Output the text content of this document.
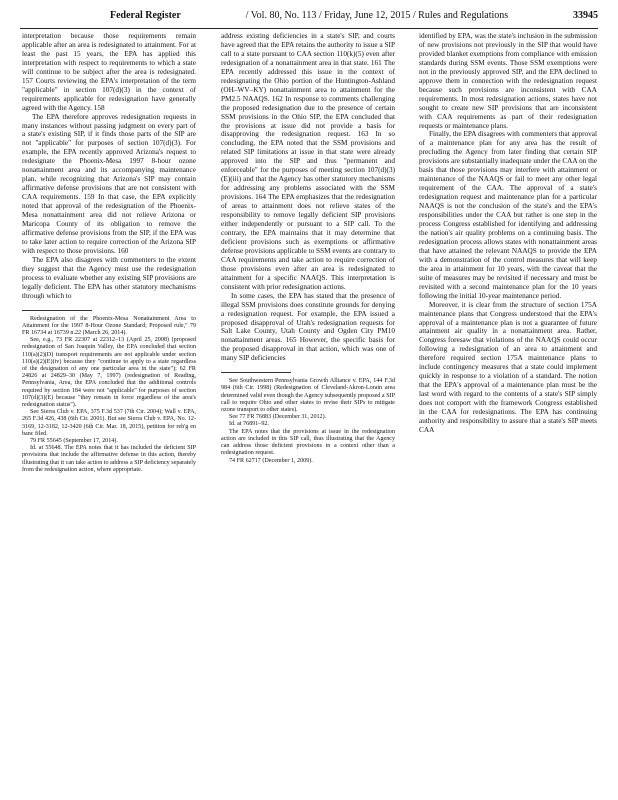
Federal Register	/ Vol. 80, No. 113 / Friday, June 12, 2015 / Rules and Regulations	33945

interpretation because those requirements remain applicable after an area is redesignated to attainment. For at least the past 15 years, the EPA has applied this interpretation with respect to requirements to which a state will continue to be subject after the area is redesignated. 157 Courts reviewing the EPA's interpretation of the term "applicable" in section 107(d)(3) in the context of requirements applicable for redesignation have generally agreed with the Agency. 158

The EPA therefore approves redesignation requests in many instances without passing judgment on every part of a state's existing SIP, if it finds those parts of the SIP are not "applicable" for purposes of section 107(d)(3). For example, the EPA recently approved Arizona's request to redesignate the Phoenix-Mesa 1997 8-hour ozone nonattainment area and its accompanying maintenance plan, while recognizing that Arizona's SIP may contain affirmative defense provisions that are not consistent with CAA requirements. 159 In that case, the EPA explicitly noted that approval of the redesignation of the Phoenix-Mesa nonattainment area did not relieve Arizona or Maricopa County of its obligation to remove the affirmative defense provisions from the SIP, if the EPA was to take later action to require correction of the Arizona SIP with respect to those provisions. 160

The EPA also disagrees with commenters to the extent they suggest that the Agency must use the redesignation process to evaluate whether any existing SIP provisions are legally deficient. The EPA has other statutory mechanisms through which to

Redesignation of the Phoenix-Mesa Nonattainment Area to Attainment for the 1997 8-Hour Ozone Standard; Proposed rule," 79 FR 16734 at 16739 n.22 (March 26, 2014).

See, e.g., 73 FR 22307 at 22312–13 (April 25, 2008) (proposed redesignation of San Joaquin Valley, the EPA concluded that section 110(a)(2)(D) transport requirements are not applicable under section 110(a)(2)(E)(iv) because they "continue to apply to a state regardless of the designation of any one particular area in the state"); 62 FR 24826 at 24829–30 (May 7, 1997) (redesignation of Reading, Pennsylvania, Area, the EPA concluded that the additional controls required by section 184 were not "applicable" for purposes of section 107(d)(3)(E) because "they remain in force regardless of the area's redesignation status").

See Sierra Club v. EPA, 375 F.3d 537 (7th Cir. 2004); Wall v. EPA, 265 F.3d 426, 438 (6th Cir. 2001). But see Sierra Club v. EPA, No. 12-3169, 12-3182, 12-3420 (6th Cir. Mar. 18, 2015), petition for reh'g en banc filed.

79 FR 55645 (September 17, 2014).

Id. at 55648. The EPA notes that it has included the deficient SIP provisions that include the affirmative defense in this action, thereby illustrating that it can take action to address a SIP deficiency separately from the redesignation action, where appropriate.

address existing deficiencies in a state's SIP, and courts have agreed that the EPA retains the authority to issue a SIP call to a state pursuant to CAA section 110(k)(5) even after redesignation of a nonattainment area in that state. 161 The EPA recently addressed this issue in the context of redesignating the Ohio portion of the Huntington-Ashland (OH–WV–KY) nonattainment area to attainment for the PM2.5 NAAQS. 162 In response to comments challenging the proposed redesignation due to the presence of certain SSM provisions in the Ohio SIP, the EPA concluded that the provisions at issue did not provide a basis for disapproving the redesignation request. 163 In so concluding, the EPA noted that the SSM provisions and related SIP limitations at issue in that state were already approved into the SIP and thus "permanent and enforceable" for the purposes of meeting section 107(d)(3)(E)(iii) and that the Agency has other statutory mechanisms for addressing any problems associated with the SSM provisions. 164 The EPA emphasizes that the redesignation of areas to attainment does not relieve states of the responsibility to remove legally deficient SIP provisions either independently or pursuant to a SIP call. To the contrary, the EPA maintains that it may determine that deficient provisions such as exemptions or affirmative defense provisions applicable to SSM events are contrary to CAA requirements and take action to require correction of those provisions even after an area is redesignated to attainment for a specific NAAQS. This interpretation is consistent with prior redesignation actions.

In some cases, the EPA has stated that the presence of illegal SSM provisions does constitute grounds for denying a redesignation request. For example, the EPA issued a proposed disapproval of Utah's redesignation requests for Salt Lake County, Utah County and Ogden City PM10 nonattainment areas. 165 However, the specific basis for the proposed disapproval in that action, which was one of many SIP deficiencies

See Southwestern Pennsylvania Growth Alliance v. EPA, 144 F.3d 984 (6th Cir. 1998) (Redesignation of Cleveland-Akron-Lorain area determined valid even though the Agency subsequently proposed a SIP call to require Ohio and other states to revise their SIPs to mitigate ozone transport to other states).

See 77 FR 76883 (December 31, 2012).

Id. at 76891–92.

The EPA notes that the provisions at issue in the redesignation action are included in this SIP call, thus illustrating that the Agency can address those deficient provisions in a context other than a redesignation request.

74 FR 62717 (December 1, 2009).

identified by EPA, was the state's inclusion in the submission of new provisions not previously in the SIP that would have provided blanket exemptions from compliance with emission standards during SSM events. Those SSM exemptions were not in the previously approved SIP, and the EPA declined to approve them in connection with the redesignation request because such provisions are inconsistent with CAA requirements. In most redesignation actions, states have not sought to create new SIP provisions that are inconsistent with CAA requirements as part of their redesignation requests or maintenance plans.

Finally, the EPA disagrees with commenters that approval of a maintenance plan for any area has the result of precluding the Agency from later finding that certain SIP provisions are substantially inadequate under the CAA on the basis that those provisions may interfere with attainment or maintenance of the NAAQS or fail to meet any other legal requirement of the CAA. The approval of a state's redesignation request and maintenance plan for a particular NAAQS is not the conclusion of the state's and the EPA's responsibilities under the CAA but rather is one step in the process Congress established for identifying and addressing the nation's air quality problems on a continuing basis. The redesignation process allows states with nonattainment areas that have attained the relevant NAAQS to provide the EPA with a demonstration of the control measures that will keep the area in attainment for 10 years, with the caveat that the suite of measures may be revisited if necessary and must be revisited with a second maintenance plan for the 10 years following the initial 10-year maintenance period.

Moreover, it is clear from the structure of section 175A maintenance plans that Congress understood that the EPA's approval of a maintenance plan is not a guarantee of future attainment air quality in a nonattainment area. Rather, Congress foresaw that violations of the NAAQS could occur following a redesignation of an area to attainment and therefore required section 175A maintenance plans to include contingency measures that a state could implement quickly in response to a violation of a standard. The notion that the EPA's approval of a maintenance plan must be the last word with regard to the contents of a state's SIP simply does not comport with the framework Congress established in the CAA for redesignations. The EPA has continuing authority and responsibility to assure that a state's SIP meets CAA
